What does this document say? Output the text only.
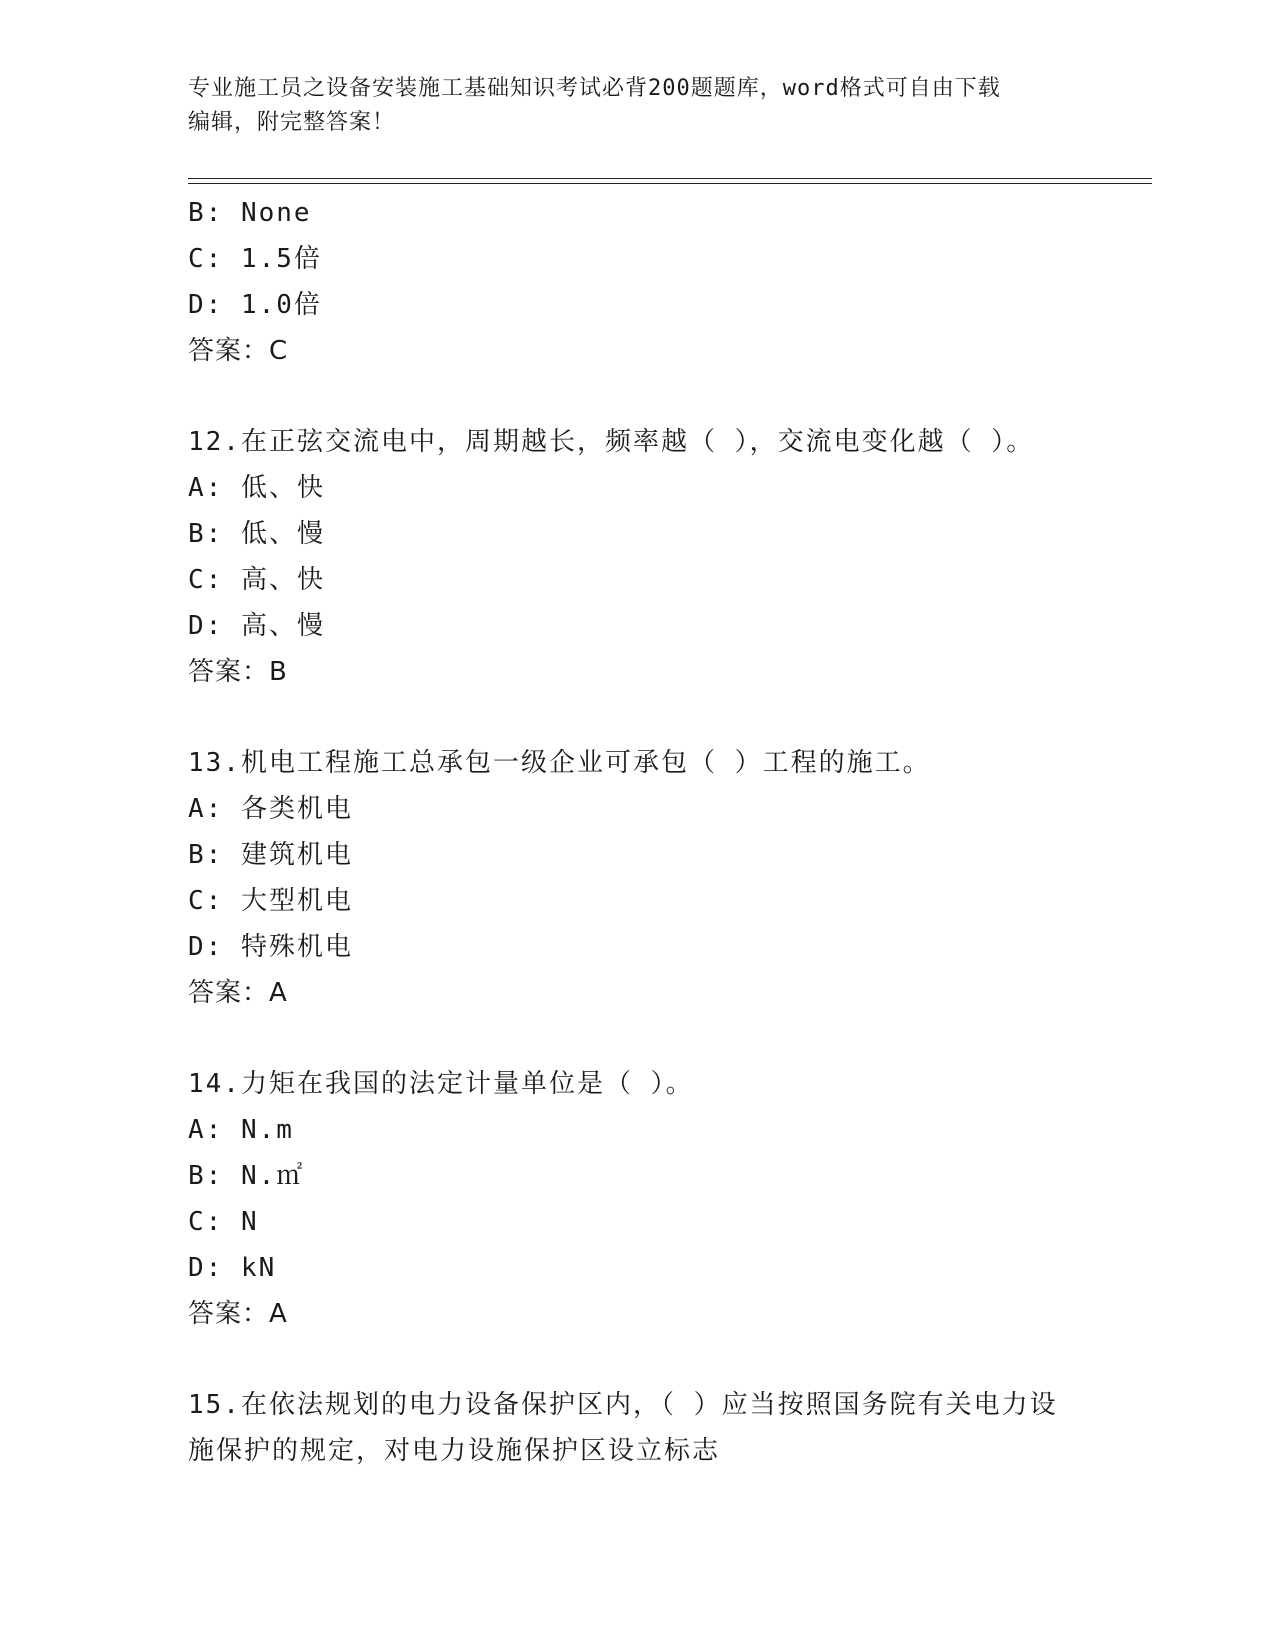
专业施工员之设备安装施工基础知识考试必背200题题库，word格式可自由下载
编辑，附完整答案！
B: None
C: 1.5倍
D: 1.0倍
答案：C
12.在正弦交流电中，周期越长，频率越（ ），交流电变化越（ ）。
A: 低、快
B: 低、慢
C: 高、快
D: 高、慢
答案：B
13.机电工程施工总承包一级企业可承包（ ）工程的施工。
A: 各类机电
B: 建筑机电
C: 大型机电
D: 特殊机电
答案：A
14.力矩在我国的法定计量单位是（ ）。
A: N.m
B: N.㎡
C: N
D: kN
答案：A
15.在依法规划的电力设备保护区内，（ ）应当按照国务院有关电力设施保护的规定，对电力设施保护区设立标志
